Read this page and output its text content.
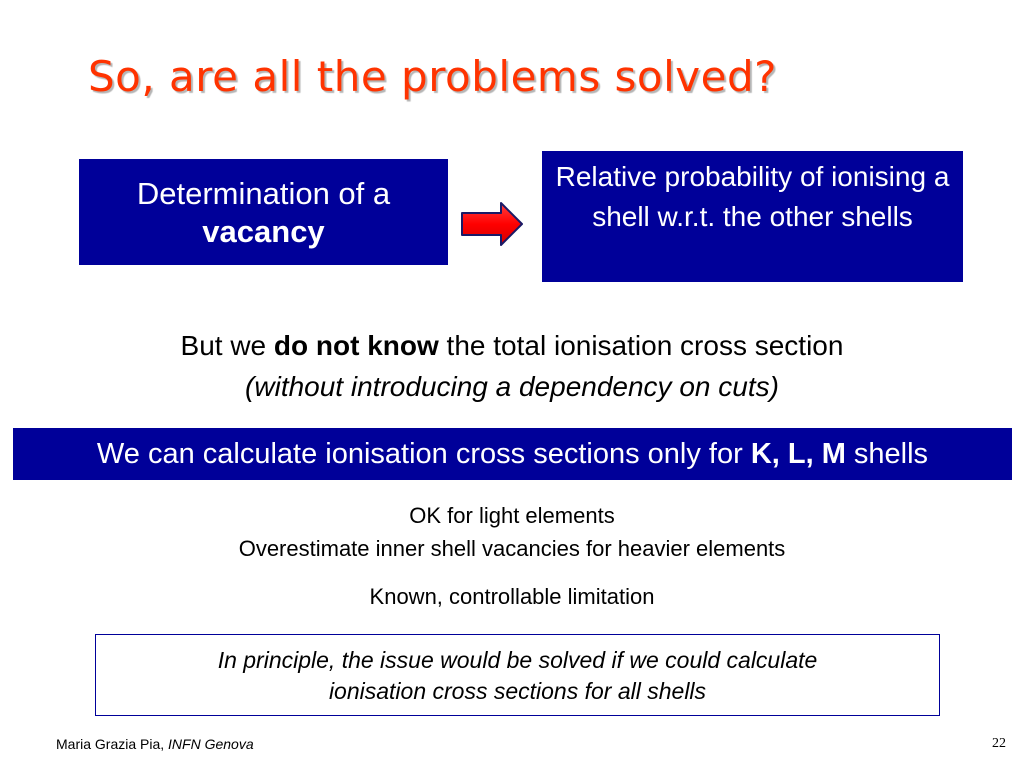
So, are all the problems solved?
Determination of a
vacancy
Relative probability of ionising a shell w.r.t. the other shells
But we do not know the total ionisation cross section
(without introducing a dependency on cuts)
We can calculate ionisation cross sections only for K, L, M shells
OK for light elements
Overestimate inner shell vacancies for heavier elements
Known, controllable limitation
In principle, the issue would be solved if we could calculate
ionisation cross sections for all shells
Maria Grazia Pia, INFN Genova	22
